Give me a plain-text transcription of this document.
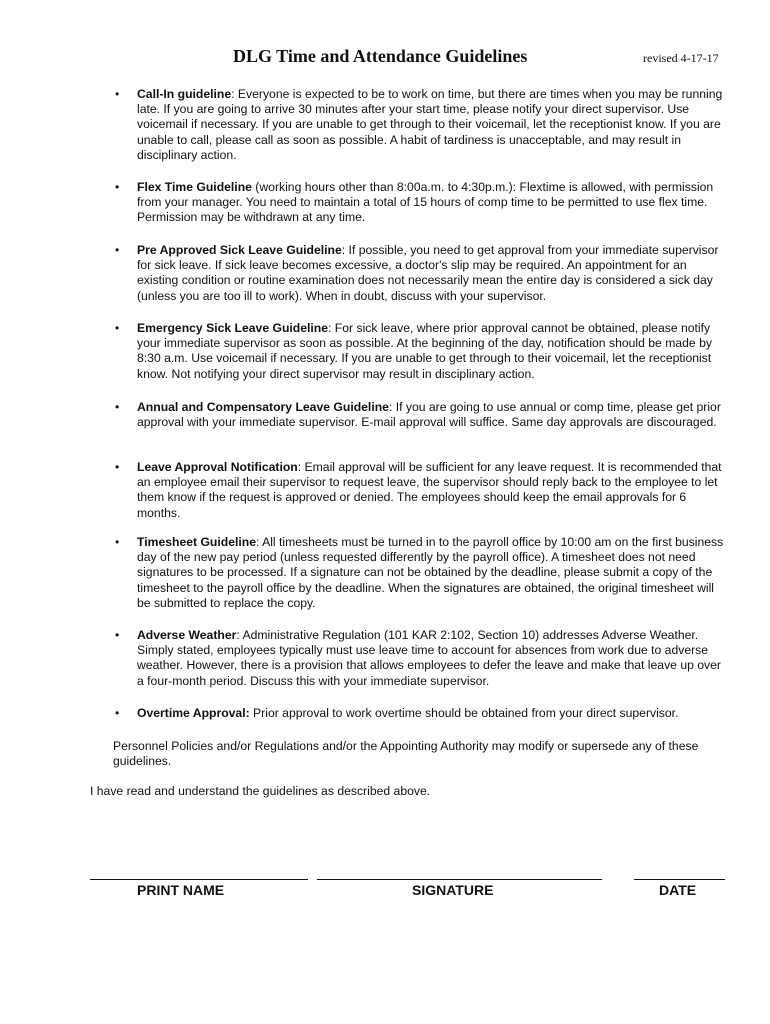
DLG Time and Attendance Guidelines	revised 4-17-17
• Call-In guideline: Everyone is expected to be to work on time, but there are times when you may be running late. If you are going to arrive 30 minutes after your start time, please notify your direct supervisor. Use voicemail if necessary. If you are unable to get through to their voicemail, let the receptionist know. If you are unable to call, please call as soon as possible. A habit of tardiness is unacceptable, and may result in disciplinary action.
• Flex Time Guideline (working hours other than 8:00a.m. to 4:30p.m.): Flextime is allowed, with permission from your manager. You need to maintain a total of 15 hours of comp time to be permitted to use flex time. Permission may be withdrawn at any time.
• Pre Approved Sick Leave Guideline: If possible, you need to get approval from your immediate supervisor for sick leave. If sick leave becomes excessive, a doctor's slip may be required. An appointment for an existing condition or routine examination does not necessarily mean the entire day is considered a sick day (unless you are too ill to work). When in doubt, discuss with your supervisor.
• Emergency Sick Leave Guideline: For sick leave, where prior approval cannot be obtained, please notify your immediate supervisor as soon as possible. At the beginning of the day, notification should be made by 8:30 a.m. Use voicemail if necessary. If you are unable to get through to their voicemail, let the receptionist know. Not notifying your direct supervisor may result in disciplinary action.
• Annual and Compensatory Leave Guideline: If you are going to use annual or comp time, please get prior approval with your immediate supervisor. E-mail approval will suffice. Same day approvals are discouraged.
• Leave Approval Notification: Email approval will be sufficient for any leave request. It is recommended that an employee email their supervisor to request leave, the supervisor should reply back to the employee to let them know if the request is approved or denied. The employees should keep the email approvals for 6 months.
• Timesheet Guideline: All timesheets must be turned in to the payroll office by 10:00 am on the first business day of the new pay period (unless requested differently by the payroll office). A timesheet does not need signatures to be processed. If a signature can not be obtained by the deadline, please submit a copy of the timesheet to the payroll office by the deadline. When the signatures are obtained, the original timesheet will be submitted to replace the copy.
• Adverse Weather: Administrative Regulation (101 KAR 2:102, Section 10) addresses Adverse Weather. Simply stated, employees typically must use leave time to account for absences from work due to adverse weather. However, there is a provision that allows employees to defer the leave and make that leave up over a four-month period. Discuss this with your immediate supervisor.
• Overtime Approval: Prior approval to work overtime should be obtained from your direct supervisor.
Personnel Policies and/or Regulations and/or the Appointing Authority may modify or supersede any of these guidelines.
I have read and understand the guidelines as described above.
PRINT NAME	SIGNATURE	DATE
